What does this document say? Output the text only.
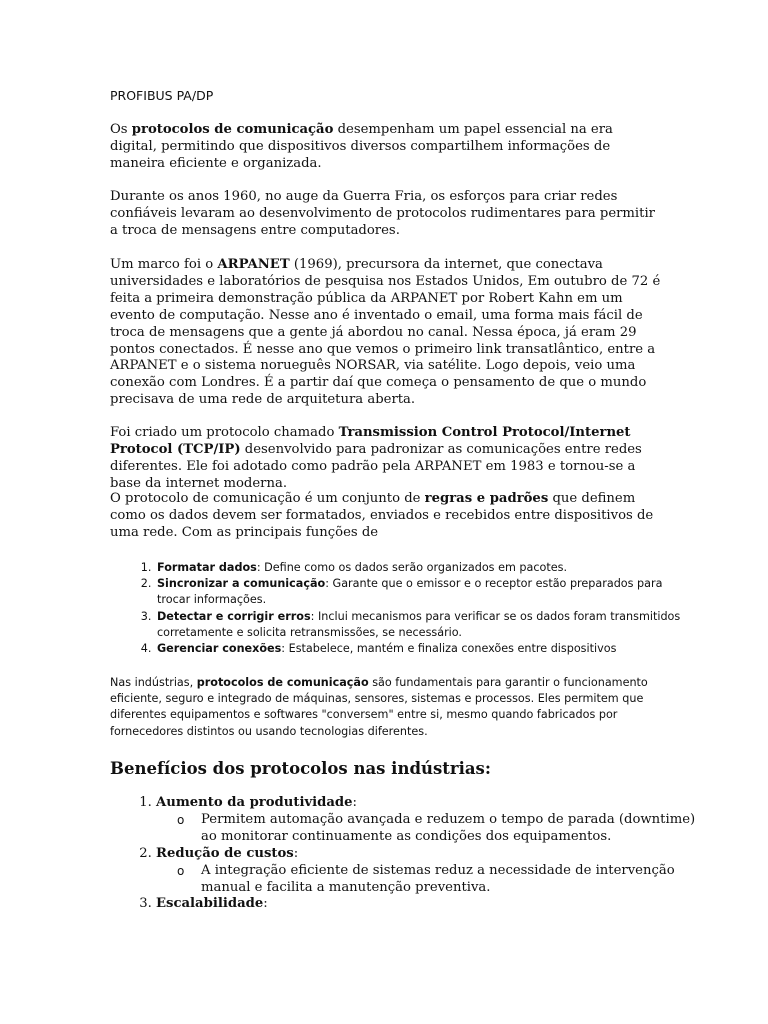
PROFIBUS PA/DP

Os protocolos de comunicação desempenham um papel essencial na era digital, permitindo que dispositivos diversos compartilhem informações de maneira eficiente e organizada.

Durante os anos 1960, no auge da Guerra Fria, os esforços para criar redes confiáveis levaram ao desenvolvimento de protocolos rudimentares para permitir a troca de mensagens entre computadores.

Um marco foi o ARPANET (1969), precursora da internet, que conectava universidades e laboratórios de pesquisa nos Estados Unidos, Em outubro de 72 é feita a primeira demonstração pública da ARPANET por Robert Kahn em um evento de computação. Nesse ano é inventado o email, uma forma mais fácil de troca de mensagens que a gente já abordou no canal. Nessa época, já eram 29 pontos conectados. É nesse ano que vemos o primeiro link transatlântico, entre a ARPANET e o sistema norueguês NORSAR, via satélite. Logo depois, veio uma conexão com Londres. É a partir daí que começa o pensamento de que o mundo precisava de uma rede de arquitetura aberta.

Foi criado um protocolo chamado Transmission Control Protocol/Internet Protocol (TCP/IP) desenvolvido para padronizar as comunicações entre redes diferentes. Ele foi adotado como padrão pela ARPANET em 1983 e tornou-se a base da internet moderna.

O protocolo de comunicação é um conjunto de regras e padrões que definem como os dados devem ser formatados, enviados e recebidos entre dispositivos de uma rede. Com as principais funções de

1. Formatar dados: Define como os dados serão organizados em pacotes.
2. Sincronizar a comunicação: Garante que o emissor e o receptor estão preparados para trocar informações.
3. Detectar e corrigir erros: Inclui mecanismos para verificar se os dados foram transmitidos corretamente e solicita retransmissões, se necessário.
4. Gerenciar conexões: Estabelece, mantém e finaliza conexões entre dispositivos

Nas indústrias, protocolos de comunicação são fundamentais para garantir o funcionamento eficiente, seguro e integrado de máquinas, sensores, sistemas e processos. Eles permitem que diferentes equipamentos e softwares "conversem" entre si, mesmo quando fabricados por fornecedores distintos ou usando tecnologias diferentes.

Benefícios dos protocolos nas indústrias:
1. Aumento da produtividade:
o Permitem automação avançada e reduzem o tempo de parada (downtime) ao monitorar continuamente as condições dos equipamentos.
2. Redução de custos:
o A integração eficiente de sistemas reduz a necessidade de intervenção manual e facilita a manutenção preventiva.
3. Escalabilidade:
